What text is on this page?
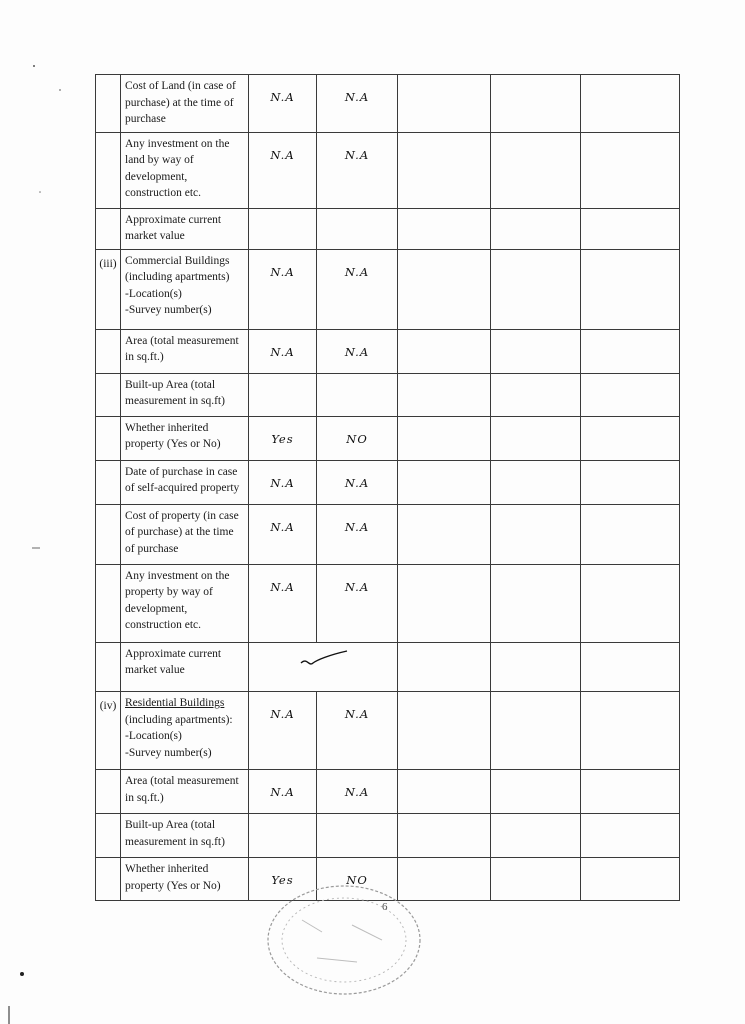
	Cost of Land (in case of purchase) at the time of purchase	N.A	N.A			
	Any investment on the land by way of development, construction etc.	N.A	N.A			
	Approximate current market value					
(iii)	Commercial Buildings
(including apartments)
-Location(s)
-Survey number(s)	N.A	N.A			
	Area (total measurement in sq.ft.)	N.A	N.A			
	Built-up Area (total measurement in sq.ft)					
	Whether inherited property (Yes or No)	Yes	NO			
	Date of purchase in case of self-acquired property	N.A	N.A			
	Cost of property (in case of purchase) at the time of purchase	N.A	N.A			
	Any investment on the property by way of development, construction etc.	N.A	N.A			
	Approximate current market value				
(iv)	Residential Buildings
(including apartments):
-Location(s)
-Survey number(s)	N.A	N.A			
	Area (total measurement in sq.ft.)	N.A	N.A			
	Built-up Area (total measurement in sq.ft)					
	Whether inherited property (Yes or No)	Yes	NO			
6
